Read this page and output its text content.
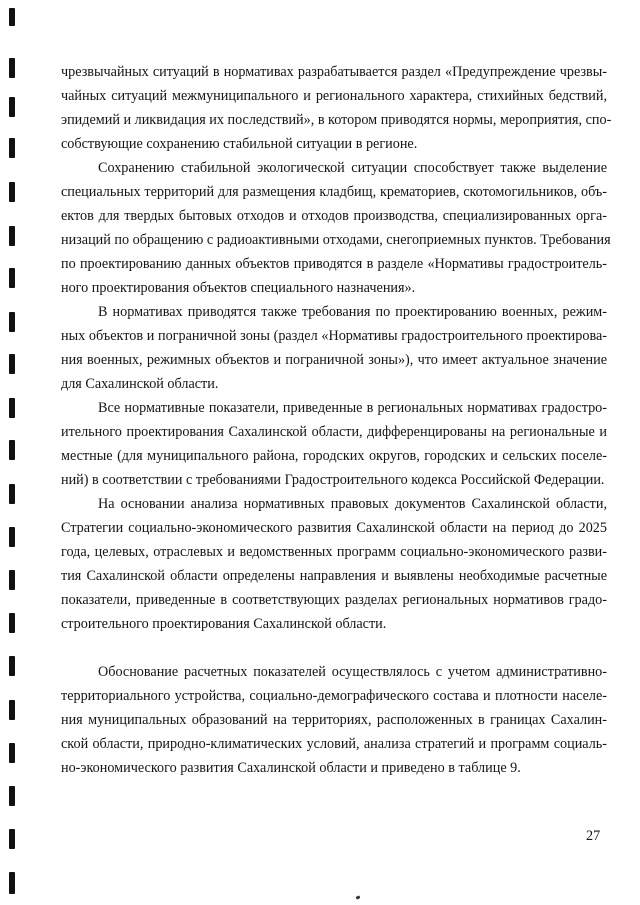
чрезвычайных ситуаций в нормативах разрабатывается раздел «Предупреждение чрезвы-
чайных ситуаций межмуниципального и регионального характера, стихийных бедствий,
эпидемий и ликвидация их последствий», в котором приводятся нормы, мероприятия, спо-
собствующие сохранению стабильной ситуации в регионе.
Сохранению стабильной экологической ситуации способствует также выделение
специальных территорий для размещения кладбищ, крематориев, скотомогильников, объ-
ектов для твердых бытовых отходов и отходов производства, специализированных орга-
низаций по обращению с радиоактивными отходами, снегоприемных пунктов. Требования
по проектированию данных объектов приводятся в разделе «Нормативы градостроитель-
ного проектирования объектов специального назначения».
В нормативах приводятся также требования по проектированию военных, режим-
ных объектов и пограничной зоны (раздел «Нормативы градостроительного проектирова-
ния военных, режимных объектов и пограничной зоны»), что имеет актуальное значение
для Сахалинской области.
Все нормативные показатели, приведенные в региональных нормативах градостро-
ительного проектирования Сахалинской области, дифференцированы на региональные и
местные (для муниципального района, городских округов, городских и сельских поселе-
ний) в соответствии с требованиями Градостроительного кодекса Российской Федерации.
На основании анализа нормативных правовых документов Сахалинской области,
Стратегии социально-экономического развития Сахалинской области на период до 2025
года, целевых, отраслевых и ведомственных программ социально-экономического разви-
тия Сахалинской области определены направления и выявлены необходимые расчетные
показатели, приведенные в соответствующих разделах региональных нормативов градо-
строительного проектирования Сахалинской области.
Обоснование расчетных показателей осуществлялось с учетом административно-
территориального устройства, социально-демографического состава и плотности населе-
ния муниципальных образований на территориях, расположенных в границах Сахалин-
ской области, природно-климатических условий, анализа стратегий и программ социаль-
но-экономического развития Сахалинской области и приведено в таблице 9.
27
